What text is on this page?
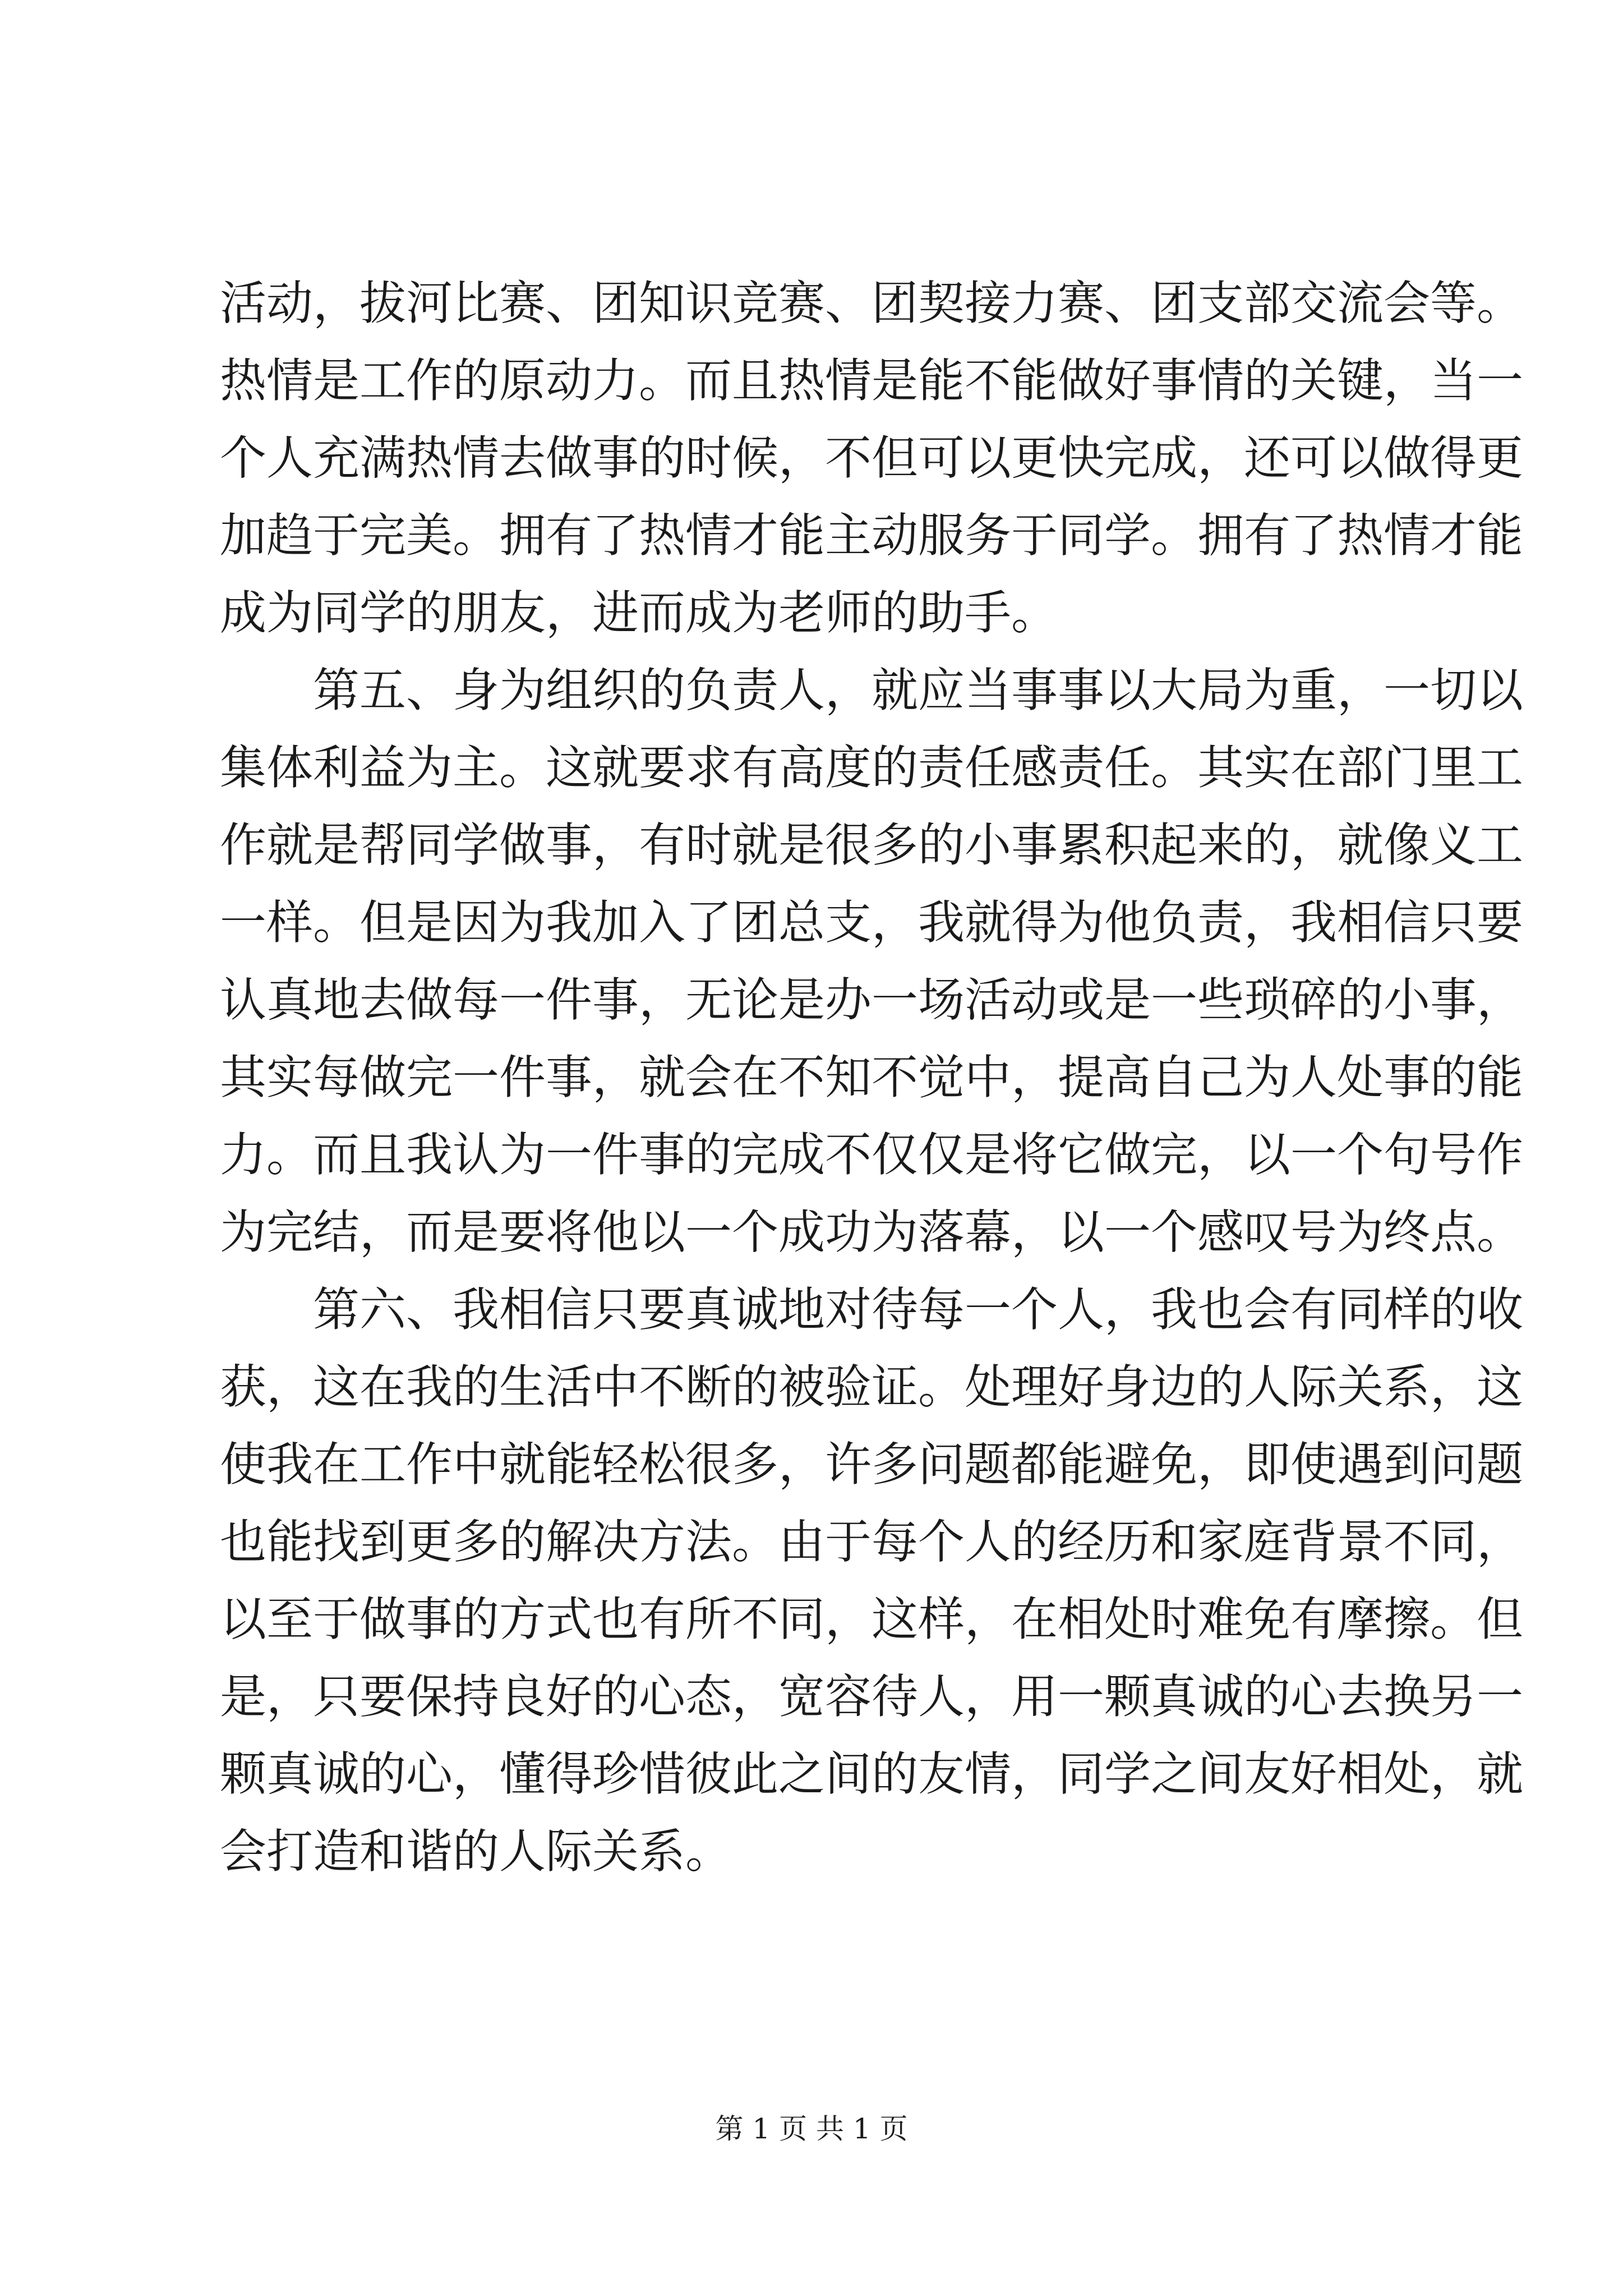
活动，拔河比赛、团知识竞赛、团契接力赛、团支部交流会等。
热情是工作的原动力。而且热情是能不能做好事情的关键，当一
个人充满热情去做事的时候，不但可以更快完成，还可以做得更
加趋于完美。拥有了热情才能主动服务于同学。拥有了热情才能
成为同学的朋友，进而成为老师的助手。
第五、身为组织的负责人，就应当事事以大局为重，一切以
集体利益为主。这就要求有高度的责任感责任。其实在部门里工
作就是帮同学做事，有时就是很多的小事累积起来的，就像义工
一样。但是因为我加入了团总支，我就得为他负责，我相信只要
认真地去做每一件事，无论是办一场活动或是一些琐碎的小事，
其实每做完一件事，就会在不知不觉中，提高自己为人处事的能
力。而且我认为一件事的完成不仅仅是将它做完，以一个句号作
为完结，而是要将他以一个成功为落幕，以一个感叹号为终点。
第六、我相信只要真诚地对待每一个人，我也会有同样的收
获，这在我的生活中不断的被验证。处理好身边的人际关系，这
使我在工作中就能轻松很多，许多问题都能避免，即使遇到问题
也能找到更多的解决方法。由于每个人的经历和家庭背景不同，
以至于做事的方式也有所不同，这样，在相处时难免有摩擦。但
是，只要保持良好的心态，宽容待人，用一颗真诚的心去换另一
颗真诚的心，懂得珍惜彼此之间的友情，同学之间友好相处，就
会打造和谐的人际关系。
第 1 页 共 1 页
